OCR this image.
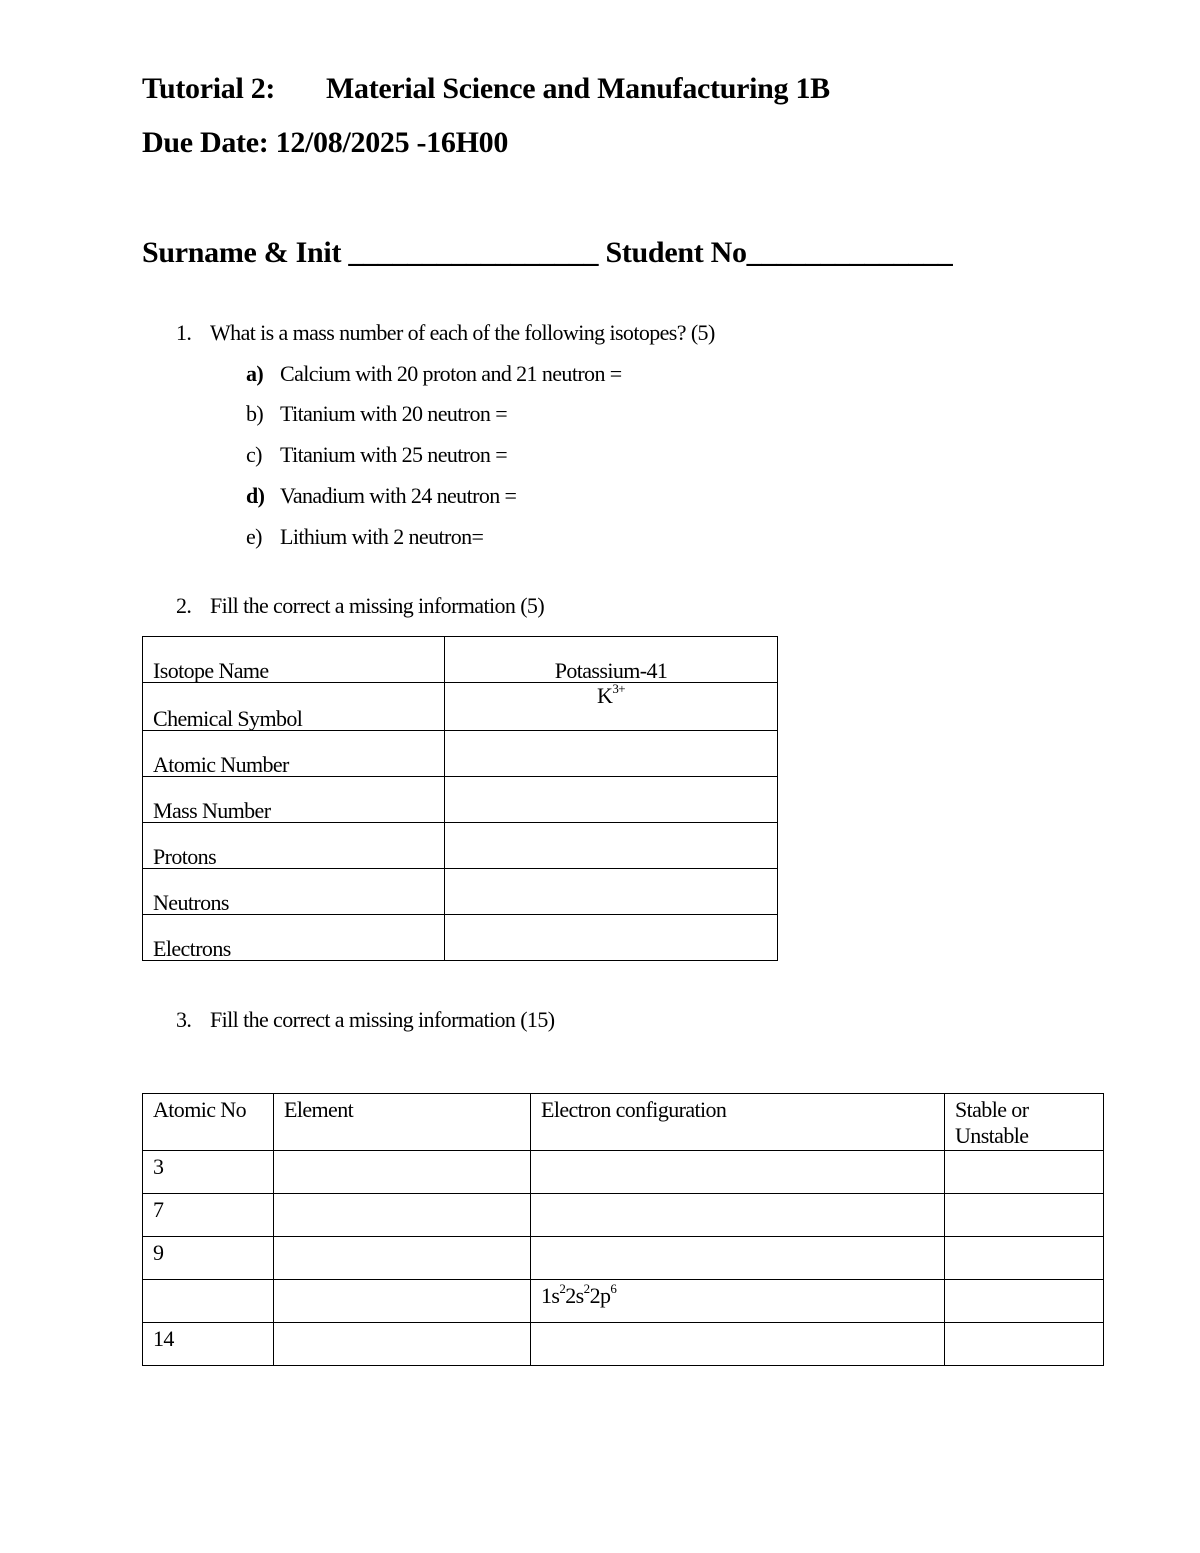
Tutorial 2: Material Science and Manufacturing 1B
Due Date: 12/08/2025 -16H00
Surname & Init _________________ Student No______________
1. What is a mass number of each of the following isotopes? (5)
a) Calcium with 20 proton and 21 neutron =
b) Titanium with 20 neutron =
c) Titanium with 25 neutron =
d) Vanadium with 24 neutron =
e) Lithium with 2 neutron=
2. Fill the correct a missing information (5)
Isotope Name	Potassium-41
Chemical Symbol	$K^{3+}$
Atomic Number	
Mass Number	
Protons	
Neutrons	
Electrons	
3. Fill the correct a missing information (15)
Atomic No	Element	Electron configuration	Stable or Unstable
3			
7			
9			
		$1s^22s^22p^6$	
14			
